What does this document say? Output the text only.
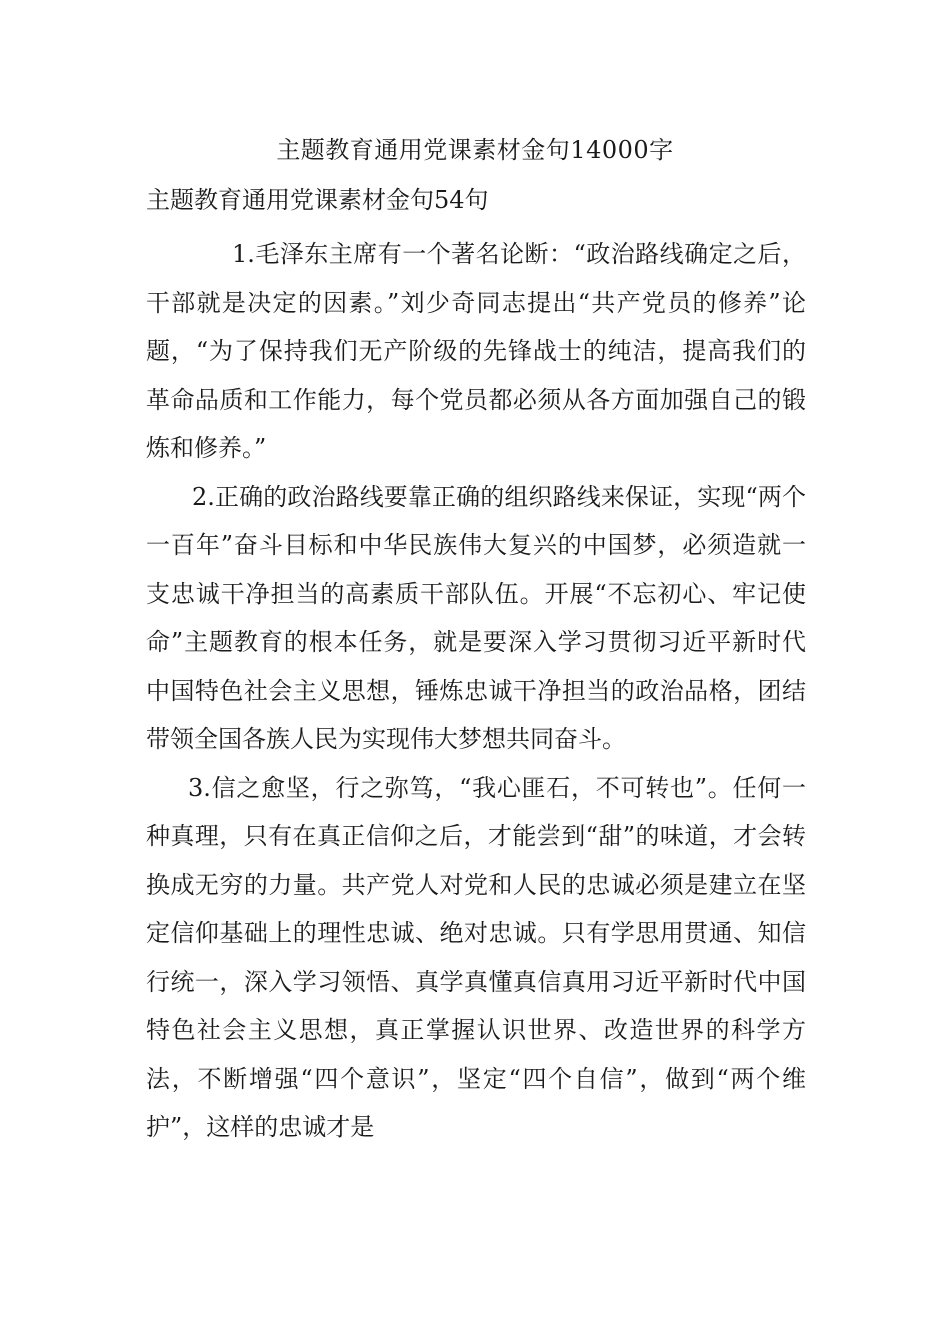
主题教育通用党课素材金句14000字
主题教育通用党课素材金句54句

1.毛泽东主席有一个著名论断：“政治路线确定之后，干部就是决定的因素。”刘少奇同志提出“共产党员的修养”论题，“为了保持我们无产阶级的先锋战士的纯洁，提高我们的革命品质和工作能力，每个党员都必须从各方面加强自己的锻炼和修养。”

2.正确的政治路线要靠正确的组织路线来保证，实现“两个一百年”奋斗目标和中华民族伟大复兴的中国梦，必须造就一支忠诚干净担当的高素质干部队伍。开展“不忘初心、牢记使命”主题教育的根本任务，就是要深入学习贯彻习近平新时代中国特色社会主义思想，锤炼忠诚干净担当的政治品格，团结带领全国各族人民为实现伟大梦想共同奋斗。

3.信之愈坚，行之弥笃，“我心匪石，不可转也”。任何一种真理，只有在真正信仰之后，才能尝到“甜”的味道，才会转换成无穷的力量。共产党人对党和人民的忠诚必须是建立在坚定信仰基础上的理性忠诚、绝对忠诚。只有学思用贯通、知信行统一，深入学习领悟、真学真懂真信真用习近平新时代中国特色社会主义思想，真正掌握认识世界、改造世界的科学方法，不断增强“四个意识”，坚定“四个自信”，做到“两个维护”，这样的忠诚才是
